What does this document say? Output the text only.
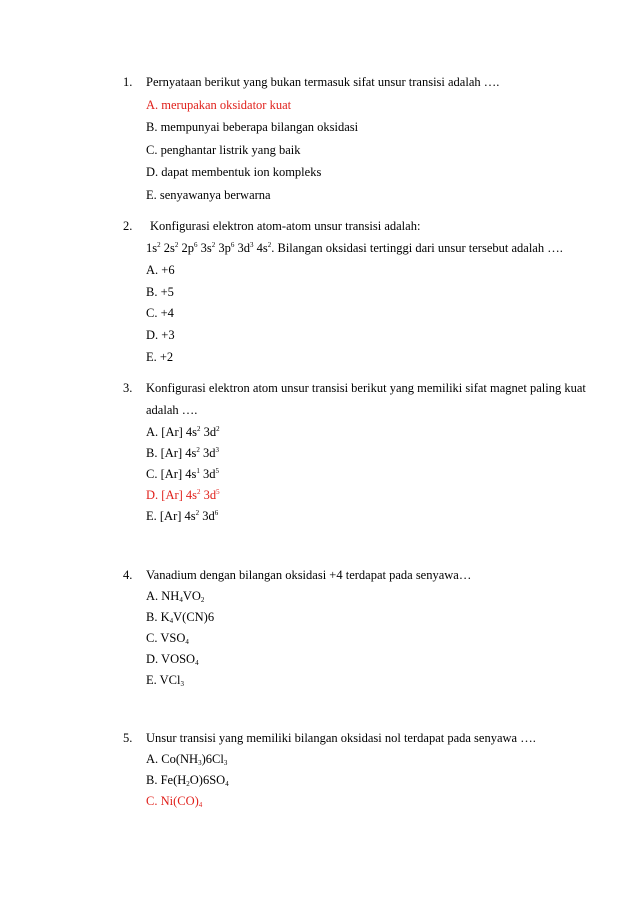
1. Pernyataan berikut yang bukan termasuk sifat unsur transisi adalah ….
A. merupakan oksidator kuat
B. mempunyai beberapa bilangan oksidasi
C. penghantar listrik yang baik
D. dapat membentuk ion kompleks
E. senyawanya berwarna
2. Konfigurasi elektron atom-atom unsur transisi adalah:
$1s^2$ $2s^2$ $2p^6$ $3s^2$ $3p^6$ $3d^3$ $4s^2$. Bilangan oksidasi tertinggi dari unsur tersebut adalah ….
A. +6
B. +5
C. +4
D. +3
E. +2
3. Konfigurasi elektron atom unsur transisi berikut yang memiliki sifat magnet paling kuat
adalah ….
A. [Ar] $4s^2$ $3d^2$
B. [Ar] $4s^2$ $3d^3$
C. [Ar] $4s^1$ $3d^5$
D. [Ar] $4s^2$ $3d^5$
E. [Ar] $4s^2$ $3d^6$
4. Vanadium dengan bilangan oksidasi +4 terdapat pada senyawa…
A. $NH_4VO_2$
B. $K_4V(CN)6$
C. $VSO_4$
D. $VOSO_4$
E. VCl$_3$
5. Unsur transisi yang memiliki bilangan oksidasi nol terdapat pada senyawa ….
A. $Co(NH_3)6Cl_3$
B. $Fe(H_2O)6SO_4$
C. $Ni(CO)_4$
